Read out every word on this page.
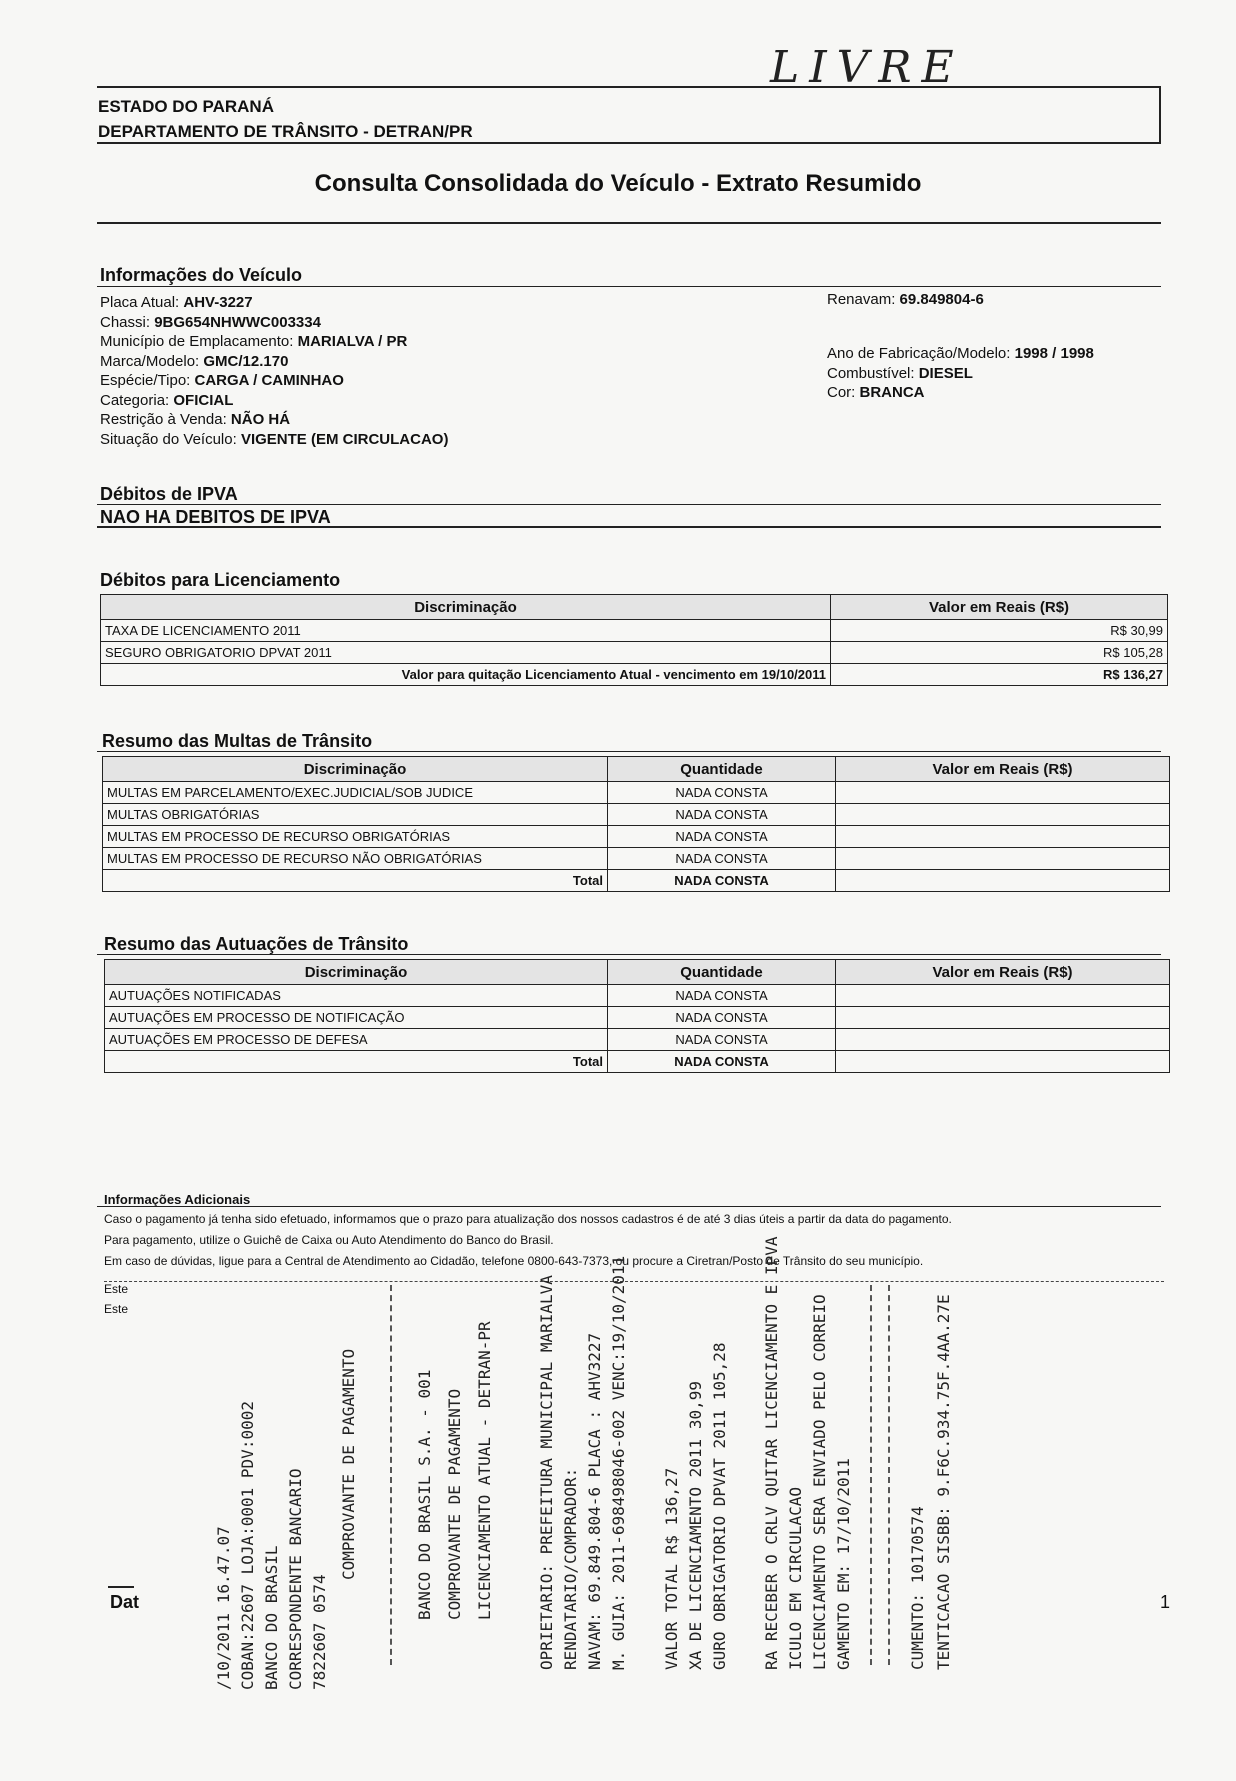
LIVRE
ESTADO DO PARANÁ
DEPARTAMENTO DE TRÂNSITO - DETRAN/PR
Consulta Consolidada do Veículo - Extrato Resumido
Informações do Veículo
Placa Atual: AHV-3227
Chassi: 9BG654NHWWC003334
Município de Emplacamento: MARIALVA / PR
Marca/Modelo: GMC/12.170
Espécie/Tipo: CARGA / CAMINHAO
Categoria: OFICIAL
Restrição à Venda: NÃO HÁ
Situação do Veículo: VIGENTE (EM CIRCULACAO)
Renavam: 69.849804-6
Ano de Fabricação/Modelo: 1998 / 1998
Combustível: DIESEL
Cor: BRANCA
Débitos de IPVA
NAO HA DEBITOS DE IPVA
Débitos para Licenciamento
Discriminação	Valor em Reais (R$)
TAXA DE LICENCIAMENTO 2011	R$ 30,99
SEGURO OBRIGATORIO DPVAT 2011	R$ 105,28
Valor para quitação Licenciamento Atual - vencimento em 19/10/2011	R$ 136,27
Resumo das Multas de Trânsito
Discriminação	Quantidade	Valor em Reais (R$)
MULTAS EM PARCELAMENTO/EXEC.JUDICIAL/SOB JUDICE	NADA CONSTA	
MULTAS OBRIGATÓRIAS	NADA CONSTA	
MULTAS EM PROCESSO DE RECURSO OBRIGATÓRIAS	NADA CONSTA	
MULTAS EM PROCESSO DE RECURSO NÃO OBRIGATÓRIAS	NADA CONSTA	
Total	NADA CONSTA	
Resumo das Autuações de Trânsito
Discriminação	Quantidade	Valor em Reais (R$)
AUTUAÇÕES NOTIFICADAS	NADA CONSTA	
AUTUAÇÕES EM PROCESSO DE NOTIFICAÇÃO	NADA CONSTA	
AUTUAÇÕES EM PROCESSO DE DEFESA	NADA CONSTA	
Total	NADA CONSTA	
Informações Adicionais
Caso o pagamento já tenha sido efetuado, informamos que o prazo para atualização dos nossos cadastros é de até 3 dias úteis a partir da data do pagamento.
Para pagamento, utilize o Guichê de Caixa ou Auto Atendimento do Banco do Brasil.
Em caso de dúvidas, ligue para a Central de Atendimento ao Cidadão, telefone 0800-643-7373, ou procure a Ciretran/Posto de Trânsito do seu município.
Este
Este
Dat	1
/10/2011 16.47.07 COBAN:22607 LOJA:0001 PDV:0002 BANCO DO BRASIL CORRESPONDENTE BANCARIO 7822607 0574
COMPROVANTE DE PAGAMENTO	BANCO DO BRASIL S.A. - 001 COMPROVANTE DE PAGAMENTO LICENCIAMENTO ATUAL - DETRAN-PR	OPRIETARIO: PREFEITURA MUNICIPAL MARIALVA RENDATARIO/COMPRADOR: NAVAM: 69.849.804-6 PLACA : AHV3227 M. GUIA: 2011-698498046-002 VENC:19/10/2011 VALOR TOTAL R$ 136,27 XA DE LICENCIAMENTO 2011 30,99 GURO OBRIGATORIO DPVAT 2011 105,28 RA RECEBER O CRLV QUITAR LICENCIAMENTO E IPVA ICULO EM CIRCULACAO LICENCIAMENTO SERA ENVIADO PELO CORREIO GAMENTO EM: 17/10/2011	CUMENTO: 10170574 TENTICACAO SISBB: 9.F6C.934.75F.4AA.27E
